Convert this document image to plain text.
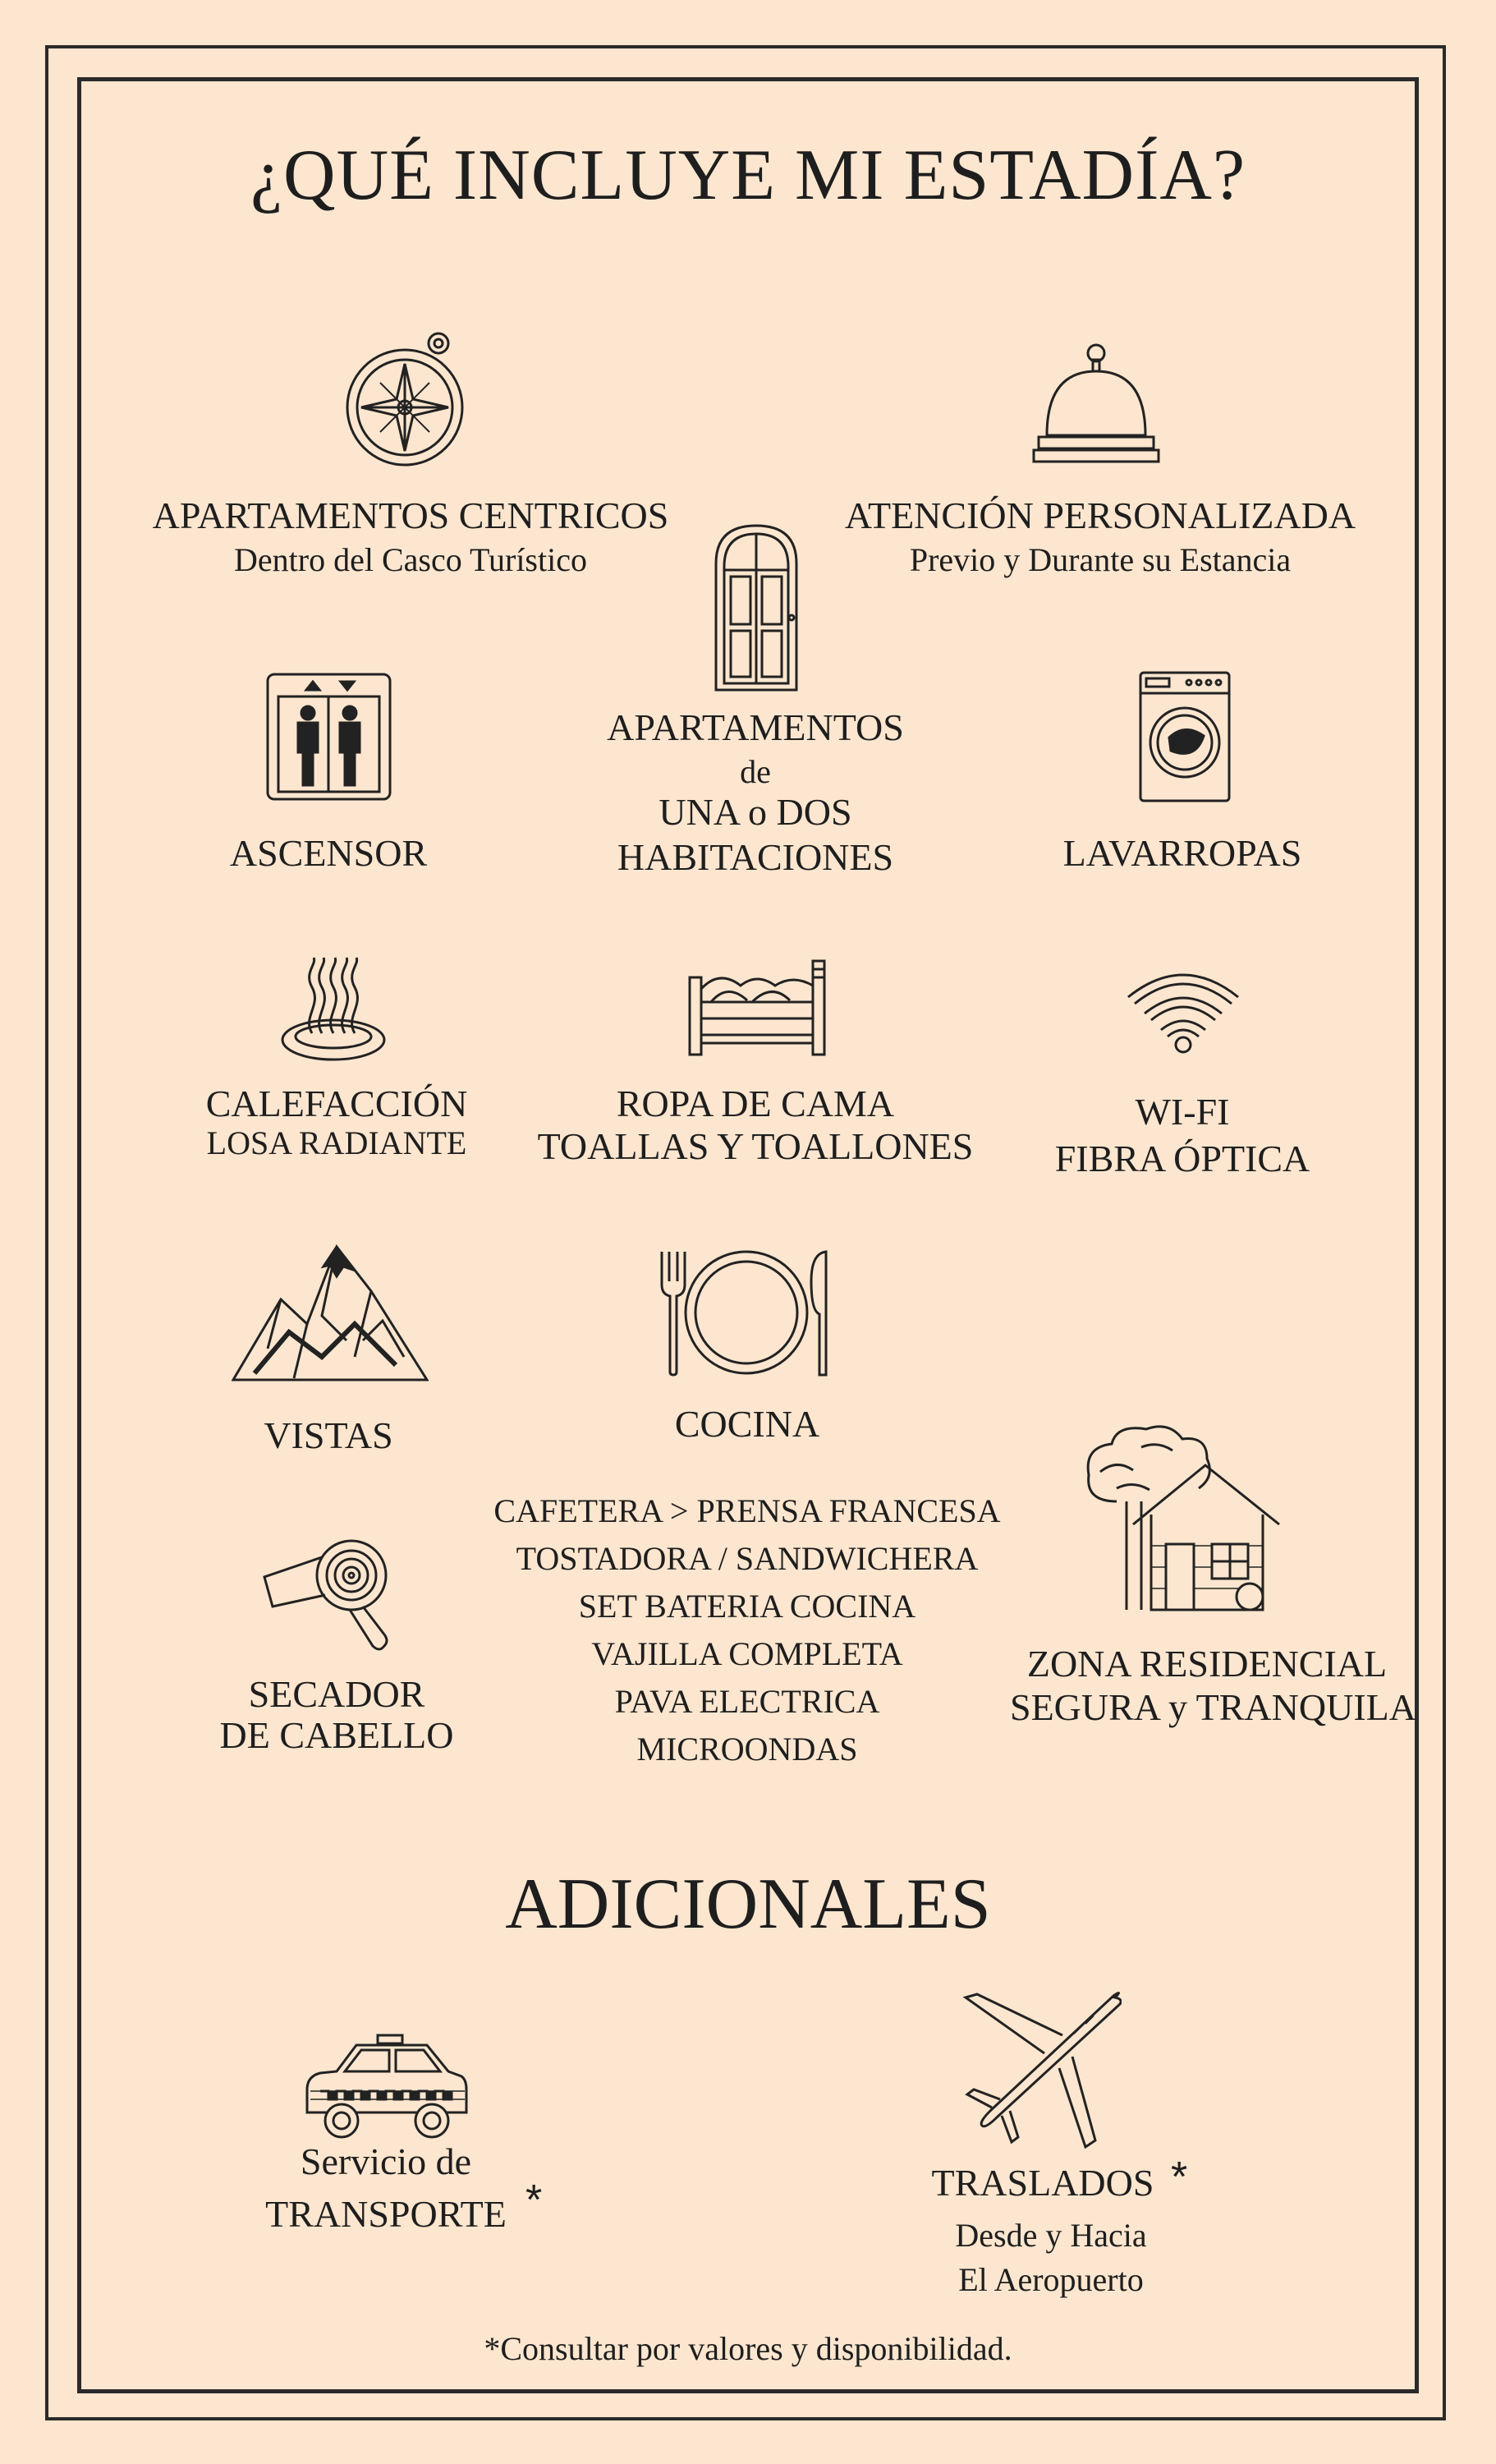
¿QUÉ INCLUYE MI ESTADÍA?
APARTAMENTOS CENTRICOS
Dentro del Casco Turístico
ATENCIÓN PERSONALIZADA
Previo y Durante su Estancia
APARTAMENTOS
de
UNA o DOS
HABITACIONES
ASCENSOR	LAVARROPAS
CALEFACCIÓN
LOSA RADIANTE
ROPA DE CAMA
TOALLAS Y TOALLONES
WI-FI
FIBRA ÓPTICA
VISTAS	COCINA
CAFETERA > PRENSA FRANCESA
TOSTADORA / SANDWICHERA
SET BATERIA COCINA
VAJILLA COMPLETA
PAVA ELECTRICA
MICROONDAS
ZONA RESIDENCIAL
SEGURA y TRANQUILA
SECADOR
DE CABELLO
ADICIONALES
Servicio de
TRANSPORTE *	TRASLADOS *
Desde y Hacia
El Aeropuerto
*Consultar por valores y disponibilidad.
